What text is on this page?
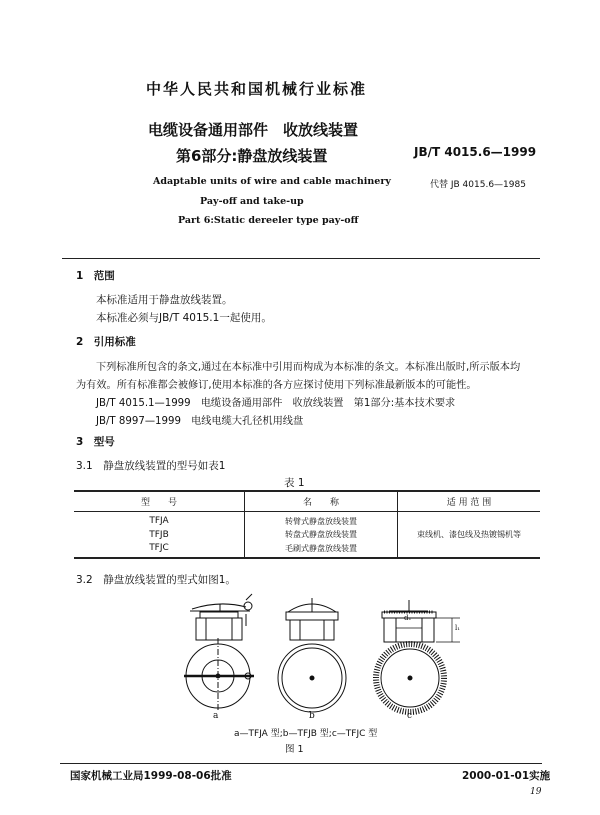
中华人民共和国机械行业标准
电缆设备通用部件　收放线装置
第6部分:静盘放线装置	JB/T 4015.6—1999
代替 JB 4015.6—1985
Adaptable units of wire and cable machinery
Pay-off and take-up
Part 6:Static dereeler type pay-off
1　范围
本标准适用于静盘放线装置。
本标准必须与JB/T 4015.1一起使用。
2　引用标准
下列标准所包含的条文,通过在本标准中引用而构成为本标准的条文。本标准出版时,所示版本均
为有效。所有标准都会被修订,使用本标准的各方应探讨使用下列标准最新版本的可能性。
JB/T 4015.1—1999　电缆设备通用部件　收放线装置　第1部分:基本技术要求
JB/T 8997—1999　电线电缆大孔径机用线盘
3　型号
3.1　静盘放线装置的型号如表1
表 1
型　　号	名　　称	适 用 范 围
TFJA	转臂式静盘放线装置	束线机、漆包线及热镀锡机等
TFJB	转盘式静盘放线装置	
TFJC	毛刷式静盘放线装置	
3.2　静盘放线装置的型式如图1。
a	b	c
d₁
l₁
a—TFJA 型;b—TFJB 型;c—TFJC 型
图 1
国家机械工业局1999-08-06批准	2000-01-01实施
19
